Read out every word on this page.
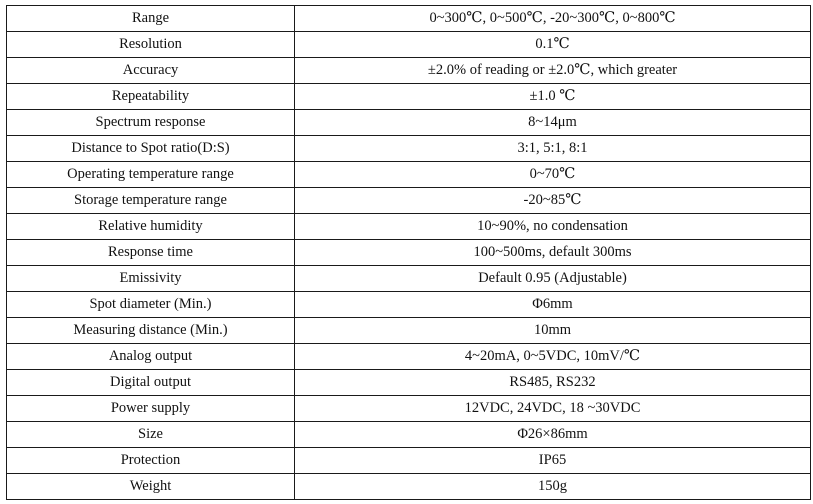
Range	0~300℃, 0~500℃, -20~300℃, 0~800℃
Resolution	0.1℃
Accuracy	±2.0% of reading or ±2.0℃, which greater
Repeatability	±1.0 ℃
Spectrum response	8~14μm
Distance to Spot ratio(D:S)	3:1, 5:1, 8:1
Operating temperature range	0~70℃
Storage temperature range	-20~85℃
Relative humidity	10~90%, no condensation
Response time	100~500ms, default 300ms
Emissivity	Default 0.95 (Adjustable)
Spot diameter (Min.)	Φ6mm
Measuring distance (Min.)	10mm
Analog output	4~20mA, 0~5VDC, 10mV/℃
Digital output	RS485, RS232
Power supply	12VDC, 24VDC, 18 ~30VDC
Size	Φ26×86mm
Protection	IP65
Weight	150g
